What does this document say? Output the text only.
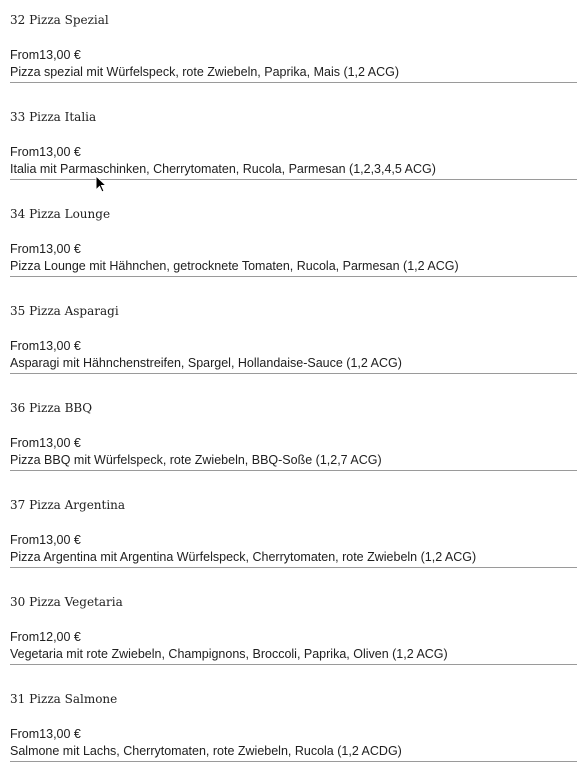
32 Pizza Spezial
From13,00 €
Pizza spezial mit Würfelspeck, rote Zwiebeln, Paprika, Mais (1,2 ACG)
33 Pizza Italia
From13,00 €
Italia mit Parmaschinken, Cherrytomaten, Rucola, Parmesan (1,2,3,4,5 ACG)
34 Pizza Lounge
From13,00 €
Pizza Lounge mit Hähnchen, getrocknete Tomaten, Rucola, Parmesan (1,2 ACG)
35 Pizza Asparagi
From13,00 €
Asparagi mit Hähnchenstreifen, Spargel, Hollandaise-Sauce (1,2 ACG)
36 Pizza BBQ
From13,00 €
Pizza BBQ mit Würfelspeck, rote Zwiebeln, BBQ-Soße (1,2,7 ACG)
37 Pizza Argentina
From13,00 €
Pizza Argentina mit Argentina Würfelspeck, Cherrytomaten, rote Zwiebeln (1,2 ACG)
30 Pizza Vegetaria
From12,00 €
Vegetaria mit rote Zwiebeln, Champignons, Broccoli, Paprika, Oliven (1,2 ACG)
31 Pizza Salmone
From13,00 €
Salmone mit Lachs, Cherrytomaten, rote Zwiebeln, Rucola (1,2 ACDG)
